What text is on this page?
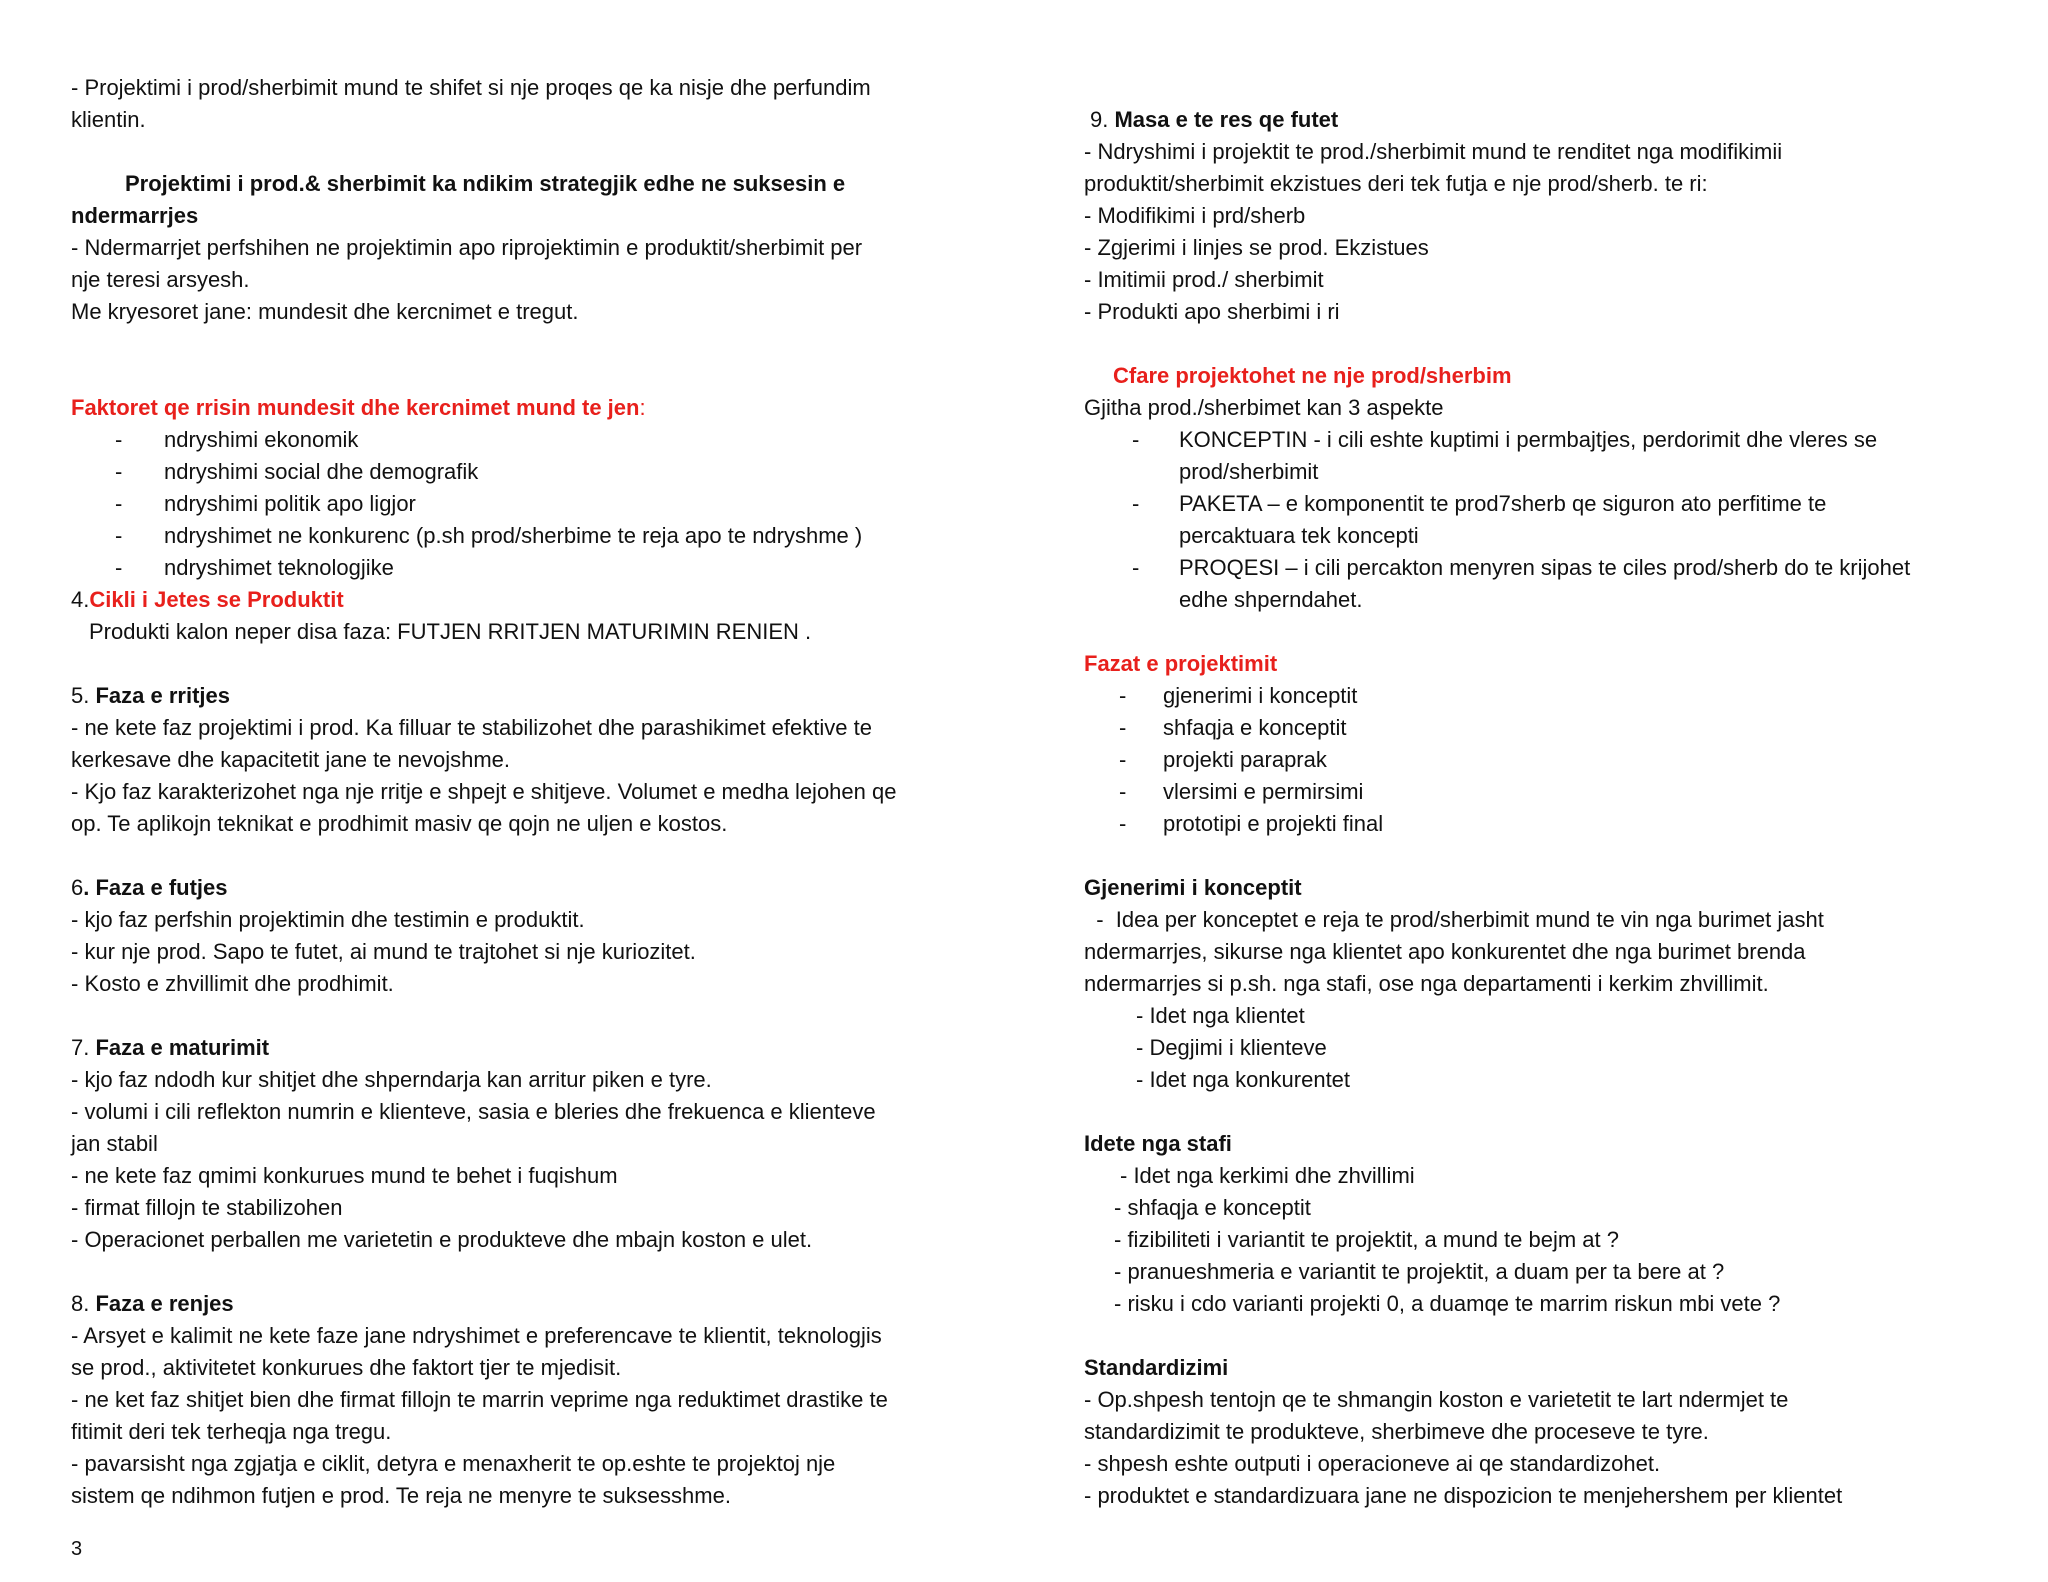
- Projektimi i prod/sherbimit mund te shifet si nje proqes qe ka nisje dhe perfundim
klientin.
Projektimi i prod.& sherbimit ka ndikim strategjik edhe ne suksesin e
ndermarrjes
- Ndermarrjet perfshihen ne projektimin apo riprojektimin e produktit/sherbimit per
nje teresi arsyesh.
Me kryesoret jane: mundesit dhe kercnimet e tregut.
Faktoret qe rrisin mundesit dhe kercnimet mund te jen:
- ndryshimi ekonomik
- ndryshimi social dhe demografik
- ndryshimi politik apo ligjor
- ndryshimet ne konkurenc (p.sh prod/sherbime te reja apo te ndryshme )
- ndryshimet teknologjike
4.Cikli i Jetes se Produktit
Produkti kalon neper disa faza: FUTJEN RRITJEN MATURIMIN RENIEN .
5. Faza e rritjes
- ne kete faz projektimi i prod. Ka filluar te stabilizohet dhe parashikimet efektive te
kerkesave dhe kapacitetit jane te nevojshme.
- Kjo faz karakterizohet nga nje rritje e shpejt e shitjeve. Volumet e medha lejohen qe
op. Te aplikojn teknikat e prodhimit masiv qe qojn ne uljen e kostos.
6. Faza e futjes
- kjo faz perfshin projektimin dhe testimin e produktit.
- kur nje prod. Sapo te futet, ai mund te trajtohet si nje kuriozitet.
- Kosto e zhvillimit dhe prodhimit.
7. Faza e maturimit
- kjo faz ndodh kur shitjet dhe shperndarja kan arritur piken e tyre.
- volumi i cili reflekton numrin e klienteve, sasia e bleries dhe frekuenca e klienteve
jan stabil
- ne kete faz qmimi konkurues mund te behet i fuqishum
- firmat fillojn te stabilizohen
- Operacionet perballen me varietetin e produkteve dhe mbajn koston e ulet.
8. Faza e renjes
- Arsyet e kalimit ne kete faze jane ndryshimet e preferencave te klientit, teknologjis
se prod., aktivitetet konkurues dhe faktort tjer te mjedisit.
- ne ket faz shitjet bien dhe firmat fillojn te marrin veprime nga reduktimet drastike te
fitimit deri tek terheqja nga tregu.
- pavarsisht nga zgjatja e ciklit, detyra e menaxherit te op.eshte te projektoj nje
sistem qe ndihmon futjen e prod. Te reja ne menyre te suksesshme.
3
9. Masa e te res qe futet
- Ndryshimi i projektit te prod./sherbimit mund te renditet nga modifikimii
produktit/sherbimit ekzistues deri tek futja e nje prod/sherb. te ri:
- Modifikimi i prd/sherb
- Zgjerimi i linjes se prod. Ekzistues
- Imitimii prod./ sherbimit
- Produkti apo sherbimi i ri
Cfare projektohet ne nje prod/sherbim
Gjitha prod./sherbimet kan 3 aspekte
- KONCEPTIN - i cili eshte kuptimi i permbajtjes, perdorimit dhe vleres se
prod/sherbimit
- PAKETA – e komponentit te prod7sherb qe siguron ato perfitime te
percaktuara tek koncepti
- PROQESI – i cili percakton menyren sipas te ciles prod/sherb do te krijohet
edhe shperndahet.
Fazat e projektimit
- gjenerimi i konceptit
- shfaqja e konceptit
- projekti paraprak
- vlersimi e permirsimi
- prototipi e projekti final
Gjenerimi i konceptit
-  Idea per konceptet e reja te prod/sherbimit mund te vin nga burimet jasht
ndermarrjes, sikurse nga klientet apo konkurentet dhe nga burimet brenda
ndermarrjes si p.sh. nga stafi, ose nga departamenti i kerkim zhvillimit.
- Idet nga klientet
- Degjimi i klienteve
- Idet nga konkurentet
Idete nga stafi
- Idet nga kerkimi dhe zhvillimi
- shfaqja e konceptit
- fizibiliteti i variantit te projektit, a mund te bejm at ?
- pranueshmeria e variantit te projektit, a duam per ta bere at ?
- risku i cdo varianti projekti 0, a duamqe te marrim riskun mbi vete ?
Standardizimi
- Op.shpesh tentojn qe te shmangin koston e varietetit te lart ndermjet te
standardizimit te produkteve, sherbimeve dhe proceseve te tyre.
- shpesh eshte outputi i operacioneve ai qe standardizohet.
- produktet e standardizuara jane ne dispozicion te menjehershem per klientet
